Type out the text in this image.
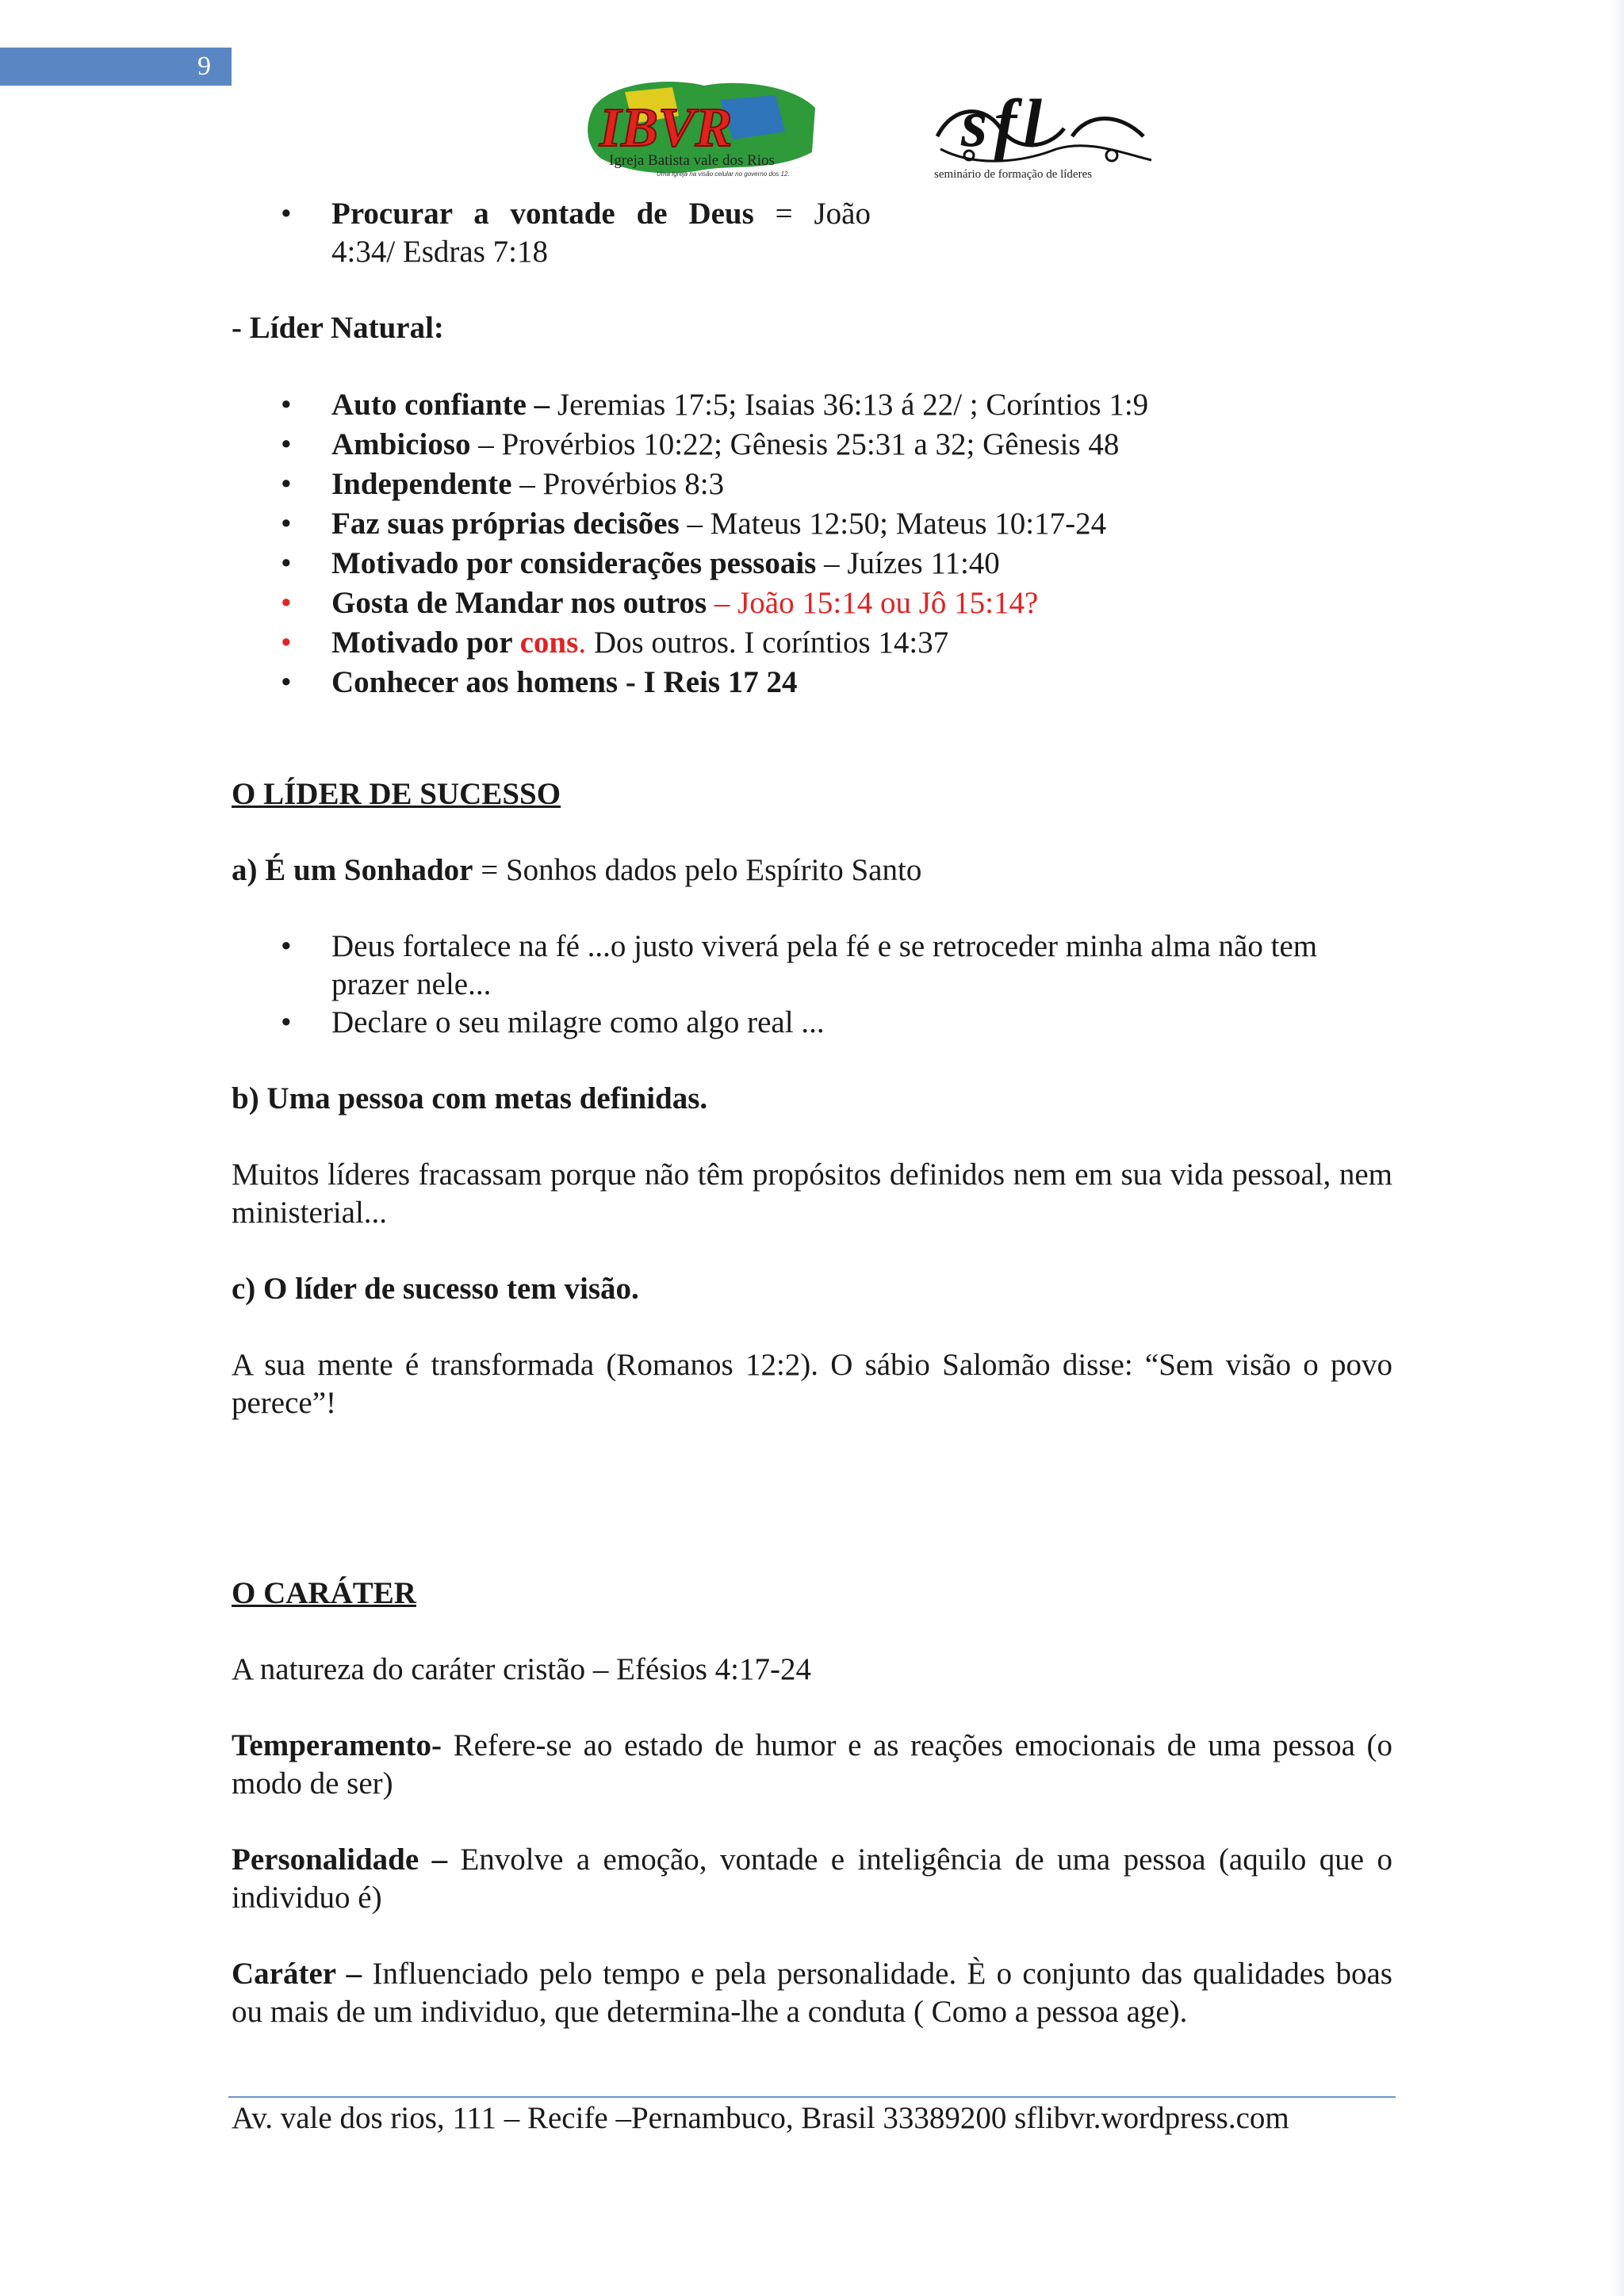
9
IBVR
Igreja Batista vale dos Rios
Uma Igreja na visão celular no governo dos 12.
sfl
seminário de formação de líderes
• Procurar a vontade de Deus = João
4:34/ Esdras 7:18
- Líder Natural:
• Auto confiante – Jeremias 17:5; Isaias 36:13 á 22/ ; Coríntios 1:9
• Ambicioso – Provérbios 10:22; Gênesis 25:31 a 32; Gênesis 48
• Independente – Provérbios 8:3
• Faz suas próprias decisões – Mateus 12:50; Mateus 10:17-24
• Motivado por considerações pessoais – Juízes 11:40
• Gosta de Mandar nos outros – João 15:14 ou Jô 15:14?
• Motivado por cons. Dos outros. I coríntios 14:37
• Conhecer aos homens - I Reis 17 24
O LÍDER DE SUCESSO
a) É um Sonhador = Sonhos dados pelo Espírito Santo
• Deus fortalece na fé ...o justo viverá pela fé e se retroceder minha alma não tem prazer nele...
• Declare o seu milagre como algo real ...
b) Uma pessoa com metas definidas.
Muitos líderes fracassam porque não têm propósitos definidos nem em sua vida pessoal, nem ministerial...
c) O líder de sucesso tem visão.
A sua mente é transformada (Romanos 12:2). O sábio Salomão disse: “Sem visão o povo perece”!
O CARÁTER
A natureza do caráter cristão – Efésios 4:17-24
Temperamento- Refere-se ao estado de humor e as reações emocionais de uma pessoa (o modo de ser)
Personalidade – Envolve a emoção, vontade e inteligência de uma pessoa (aquilo que o individuo é)
Caráter – Influenciado pelo tempo e pela personalidade. È o conjunto das qualidades boas ou mais de um individuo, que determina-lhe a conduta ( Como a pessoa age).
Av. vale dos rios, 111 – Recife –Pernambuco, Brasil 33389200 sflibvr.wordpress.com
